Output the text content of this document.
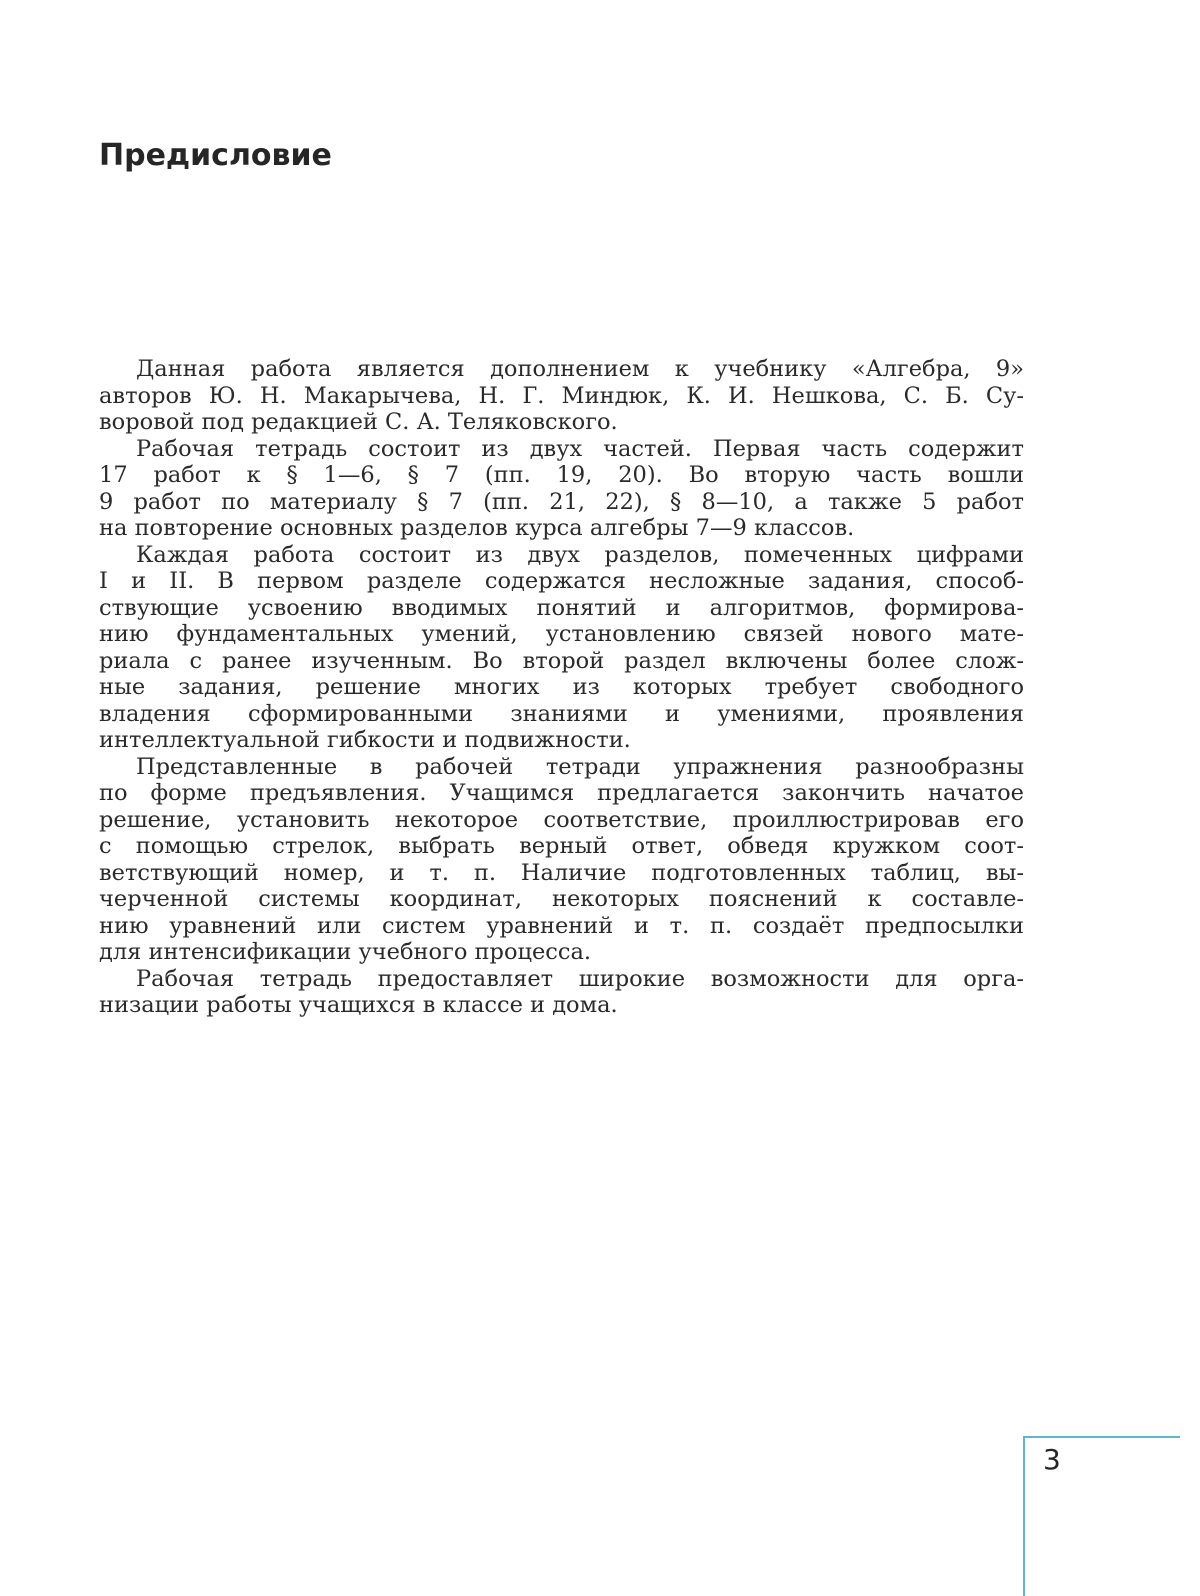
Предисловие
Данная работа является дополнением к учебнику «Алгебра, 9»
авторов Ю. Н. Макарычева, Н. Г. Миндюк, К. И. Нешкова, С. Б. Су-
воровой под редакцией С. А. Теляковского.
Рабочая тетрадь состоит из двух частей. Первая часть содержит
17 работ к § 1—6, § 7 (пп. 19, 20). Во вторую часть вошли
9 работ по материалу § 7 (пп. 21, 22), § 8—10, а также 5 работ
на повторение основных разделов курса алгебры 7—9 классов.
Каждая работа состоит из двух разделов, помеченных цифрами
I и II. В первом разделе содержатся несложные задания, способ-
ствующие усвоению вводимых понятий и алгоритмов, формирова-
нию фундаментальных умений, установлению связей нового мате-
риала с ранее изученным. Во второй раздел включены более слож-
ные задания, решение многих из которых требует свободного
владения сформированными знаниями и умениями, проявления
интеллектуальной гибкости и подвижности.
Представленные в рабочей тетради упражнения разнообразны
по форме предъявления. Учащимся предлагается закончить начатое
решение, установить некоторое соответствие, проиллюстрировав его
с помощью стрелок, выбрать верный ответ, обведя кружком соот-
ветствующий номер, и т. п. Наличие подготовленных таблиц, вы-
черченной системы координат, некоторых пояснений к составле-
нию уравнений или систем уравнений и т. п. создаёт предпосылки
для интенсификации учебного процесса.
Рабочая тетрадь предоставляет широкие возможности для орга-
низации работы учащихся в классе и дома.
3
